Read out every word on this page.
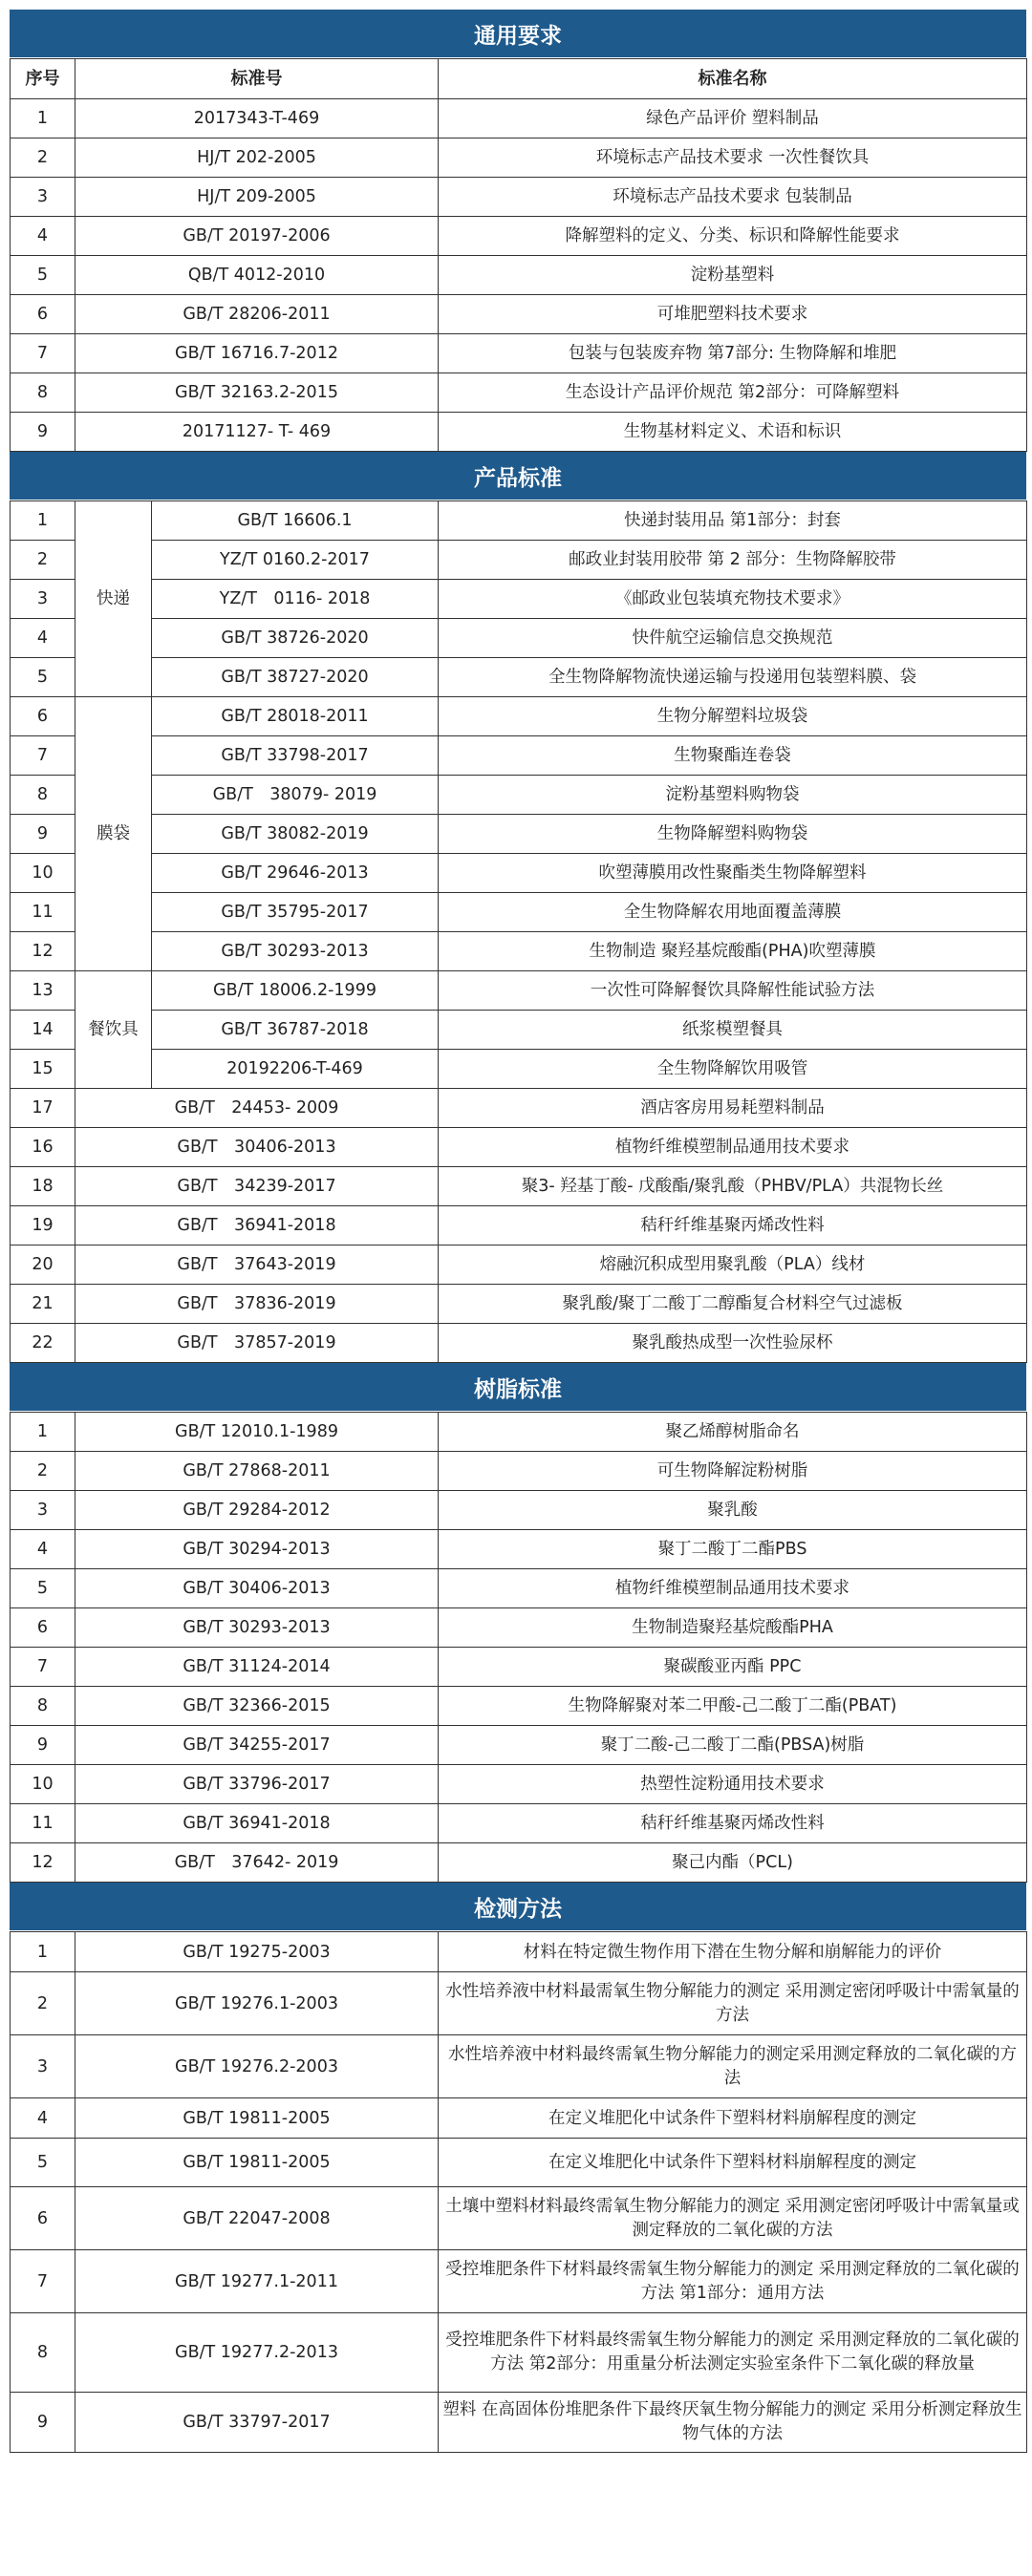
通用要求
序号	标准号	标准名称
1	2017343-T-469	绿色产品评价 塑料制品
2	HJ/T 202-2005	环境标志产品技术要求 一次性餐饮具
3	HJ/T 209-2005	环境标志产品技术要求 包装制品
4	GB/T 20197-2006	降解塑料的定义、分类、标识和降解性能要求
5	QB/T 4012-2010	淀粉基塑料
6	GB/T 28206-2011	可堆肥塑料技术要求
7	GB/T 16716.7-2012	包装与包装废弃物 第7部分: 生物降解和堆肥
8	GB/T 32163.2-2015	生态设计产品评价规范 第2部分：可降解塑料
9	20171127- T- 469	生物基材料定义、术语和标识
产品标准
1	快递	GB/T 16606.1	快递封装用品 第1部分：封套
2		YZ/T 0160.2-2017	邮政业封装用胶带 第 2 部分：生物降解胶带
3		YZ/T　0116- 2018	《邮政业包装填充物技术要求》
4		GB/T 38726-2020	快件航空运输信息交换规范
5		GB/T 38727-2020	全生物降解物流快递运输与投递用包装塑料膜、袋
6	膜袋	GB/T 28018-2011	生物分解塑料垃圾袋
7		GB/T 33798-2017	生物聚酯连卷袋
8		GB/T　38079- 2019	淀粉基塑料购物袋
9		GB/T 38082-2019	生物降解塑料购物袋
10		GB/T 29646-2013	吹塑薄膜用改性聚酯类生物降解塑料
11		GB/T 35795-2017	全生物降解农用地面覆盖薄膜
12		GB/T 30293-2013	生物制造 聚羟基烷酸酯(PHA)吹塑薄膜
13	餐饮具	GB/T 18006.2-1999	一次性可降解餐饮具降解性能试验方法
14		GB/T 36787-2018	纸浆模塑餐具
15		20192206-T-469	全生物降解饮用吸管
17	GB/T　24453- 2009		酒店客房用易耗塑料制品
16	GB/T　30406-2013		植物纤维模塑制品通用技术要求
18	GB/T　34239-2017		聚3- 羟基丁酸- 戊酸酯/聚乳酸（PHBV/PLA）共混物长丝
19	GB/T　36941-2018		秸秆纤维基聚丙烯改性料
20	GB/T　37643-2019		熔融沉积成型用聚乳酸（PLA）线材
21	GB/T　37836-2019		聚乳酸/聚丁二酸丁二醇酯复合材料空气过滤板
22	GB/T　37857-2019		聚乳酸热成型一次性验尿杯
树脂标准
1	GB/T 12010.1-1989	聚乙烯醇树脂命名
2	GB/T 27868-2011	可生物降解淀粉树脂
3	GB/T 29284-2012	聚乳酸
4	GB/T 30294-2013	聚丁二酸丁二酯PBS
5	GB/T 30406-2013	植物纤维模塑制品通用技术要求
6	GB/T 30293-2013	生物制造聚羟基烷酸酯PHA
7	GB/T 31124-2014	聚碳酸亚丙酯 PPC
8	GB/T 32366-2015	生物降解聚对苯二甲酸-己二酸丁二酯(PBAT)
9	GB/T 34255-2017	聚丁二酸-己二酸丁二酯(PBSA)树脂
10	GB/T 33796-2017	热塑性淀粉通用技术要求
11	GB/T 36941-2018	秸秆纤维基聚丙烯改性料
12	GB/T　37642- 2019	聚己内酯（PCL)
检测方法
1	GB/T 19275-2003	材料在特定微生物作用下潜在生物分解和崩解能力的评价
2	GB/T 19276.1-2003	水性培养液中材料最需氧生物分解能力的测定 采用测定密闭呼吸计中需氧量的方法
3	GB/T 19276.2-2003	水性培养液中材料最终需氧生物分解能力的测定采用测定释放的二氧化碳的方法
4	GB/T 19811-2005	在定义堆肥化中试条件下塑料材料崩解程度的测定
5	GB/T 19811-2005	在定义堆肥化中试条件下塑料材料崩解程度的测定
6	GB/T 22047-2008	土壤中塑料材料最终需氧生物分解能力的测定 采用测定密闭呼吸计中需氧量或测定释放的二氧化碳的方法
7	GB/T 19277.1-2011	受控堆肥条件下材料最终需氧生物分解能力的测定 采用测定释放的二氧化碳的方法 第1部分：通用方法
8	GB/T 19277.2-2013	受控堆肥条件下材料最终需氧生物分解能力的测定 采用测定释放的二氧化碳的方法 第2部分：用重量分析法测定实验室条件下二氧化碳的释放量
9	GB/T 33797-2017	塑料 在高固体份堆肥条件下最终厌氧生物分解能力的测定 采用分析测定释放生物气体的方法
